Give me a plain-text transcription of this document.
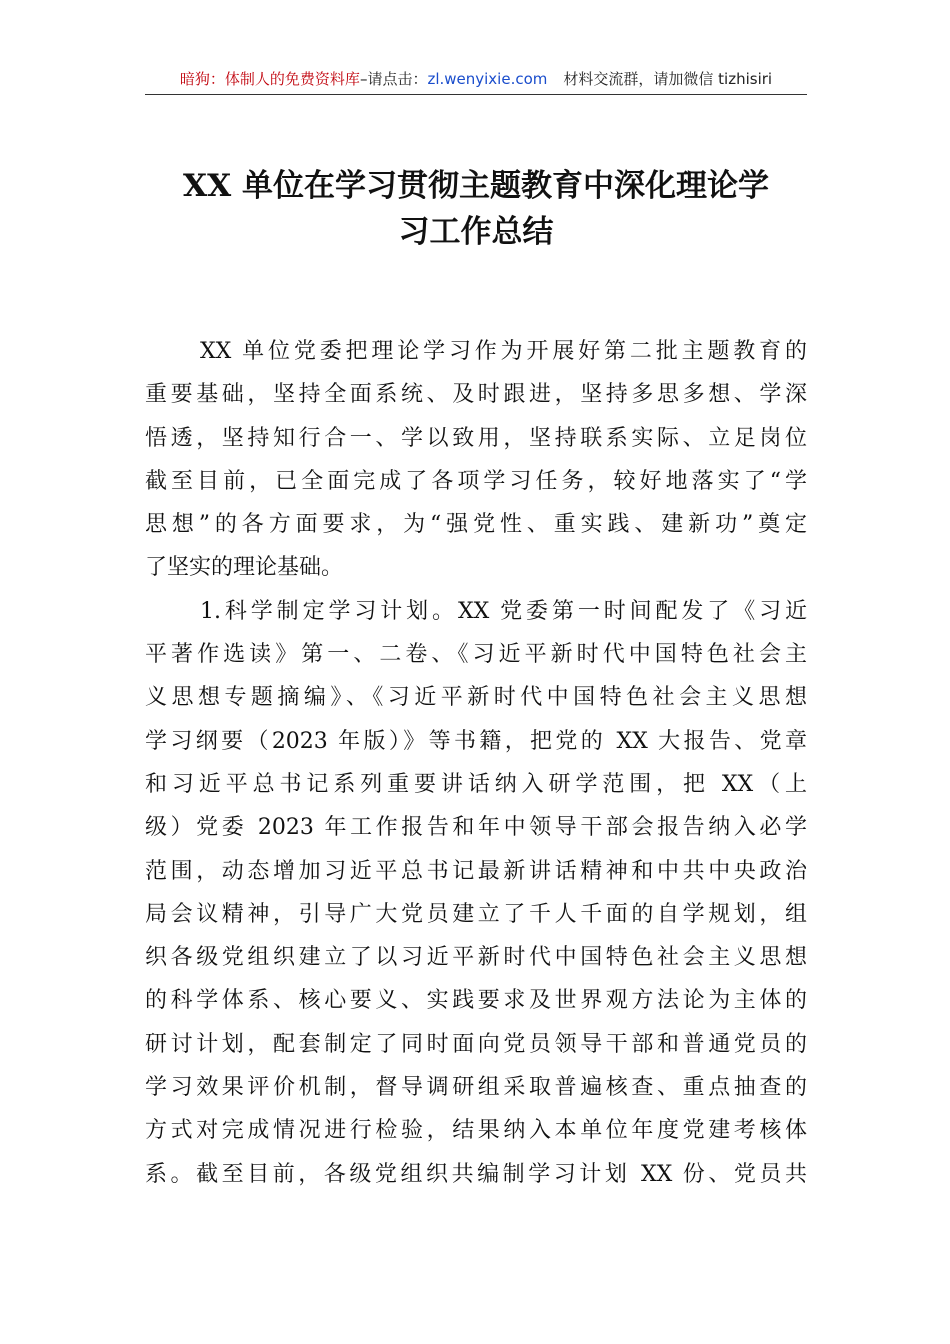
暗狗：体制人的免费资料库–请点击：zl.wenyixie.com 材料交流群，请加微信 tizhisiri
XX 单位在学习贯彻主题教育中深化理论学
习工作总结
XX 单位党委把理论学习作为开展好第二批主题教育的
重要基础，坚持全面系统、及时跟进，坚持多思多想、学深
悟透，坚持知行合一、学以致用，坚持联系实际、立足岗位
截至目前，已全面完成了各项学习任务，较好地落实了“学
思想”的各方面要求，为“强党性、重实践、建新功”奠定
了坚实的理论基础。
1.科学制定学习计划。XX 党委第一时间配发了《习近
平著作选读》第一、二卷、《习近平新时代中国特色社会主
义思想专题摘编》、《习近平新时代中国特色社会主义思想
学习纲要（2023 年版）》等书籍，把党的 XX 大报告、党章
和习近平总书记系列重要讲话纳入研学范围，把 XX（上
级）党委 2023 年工作报告和年中领导干部会报告纳入必学
范围，动态增加习近平总书记最新讲话精神和中共中央政治
局会议精神，引导广大党员建立了千人千面的自学规划，组
织各级党组织建立了以习近平新时代中国特色社会主义思想
的科学体系、核心要义、实践要求及世界观方法论为主体的
研讨计划，配套制定了同时面向党员领导干部和普通党员的
学习效果评价机制，督导调研组采取普遍核查、重点抽查的
方式对完成情况进行检验，结果纳入本单位年度党建考核体
系。截至目前，各级党组织共编制学习计划 XX 份、党员共
